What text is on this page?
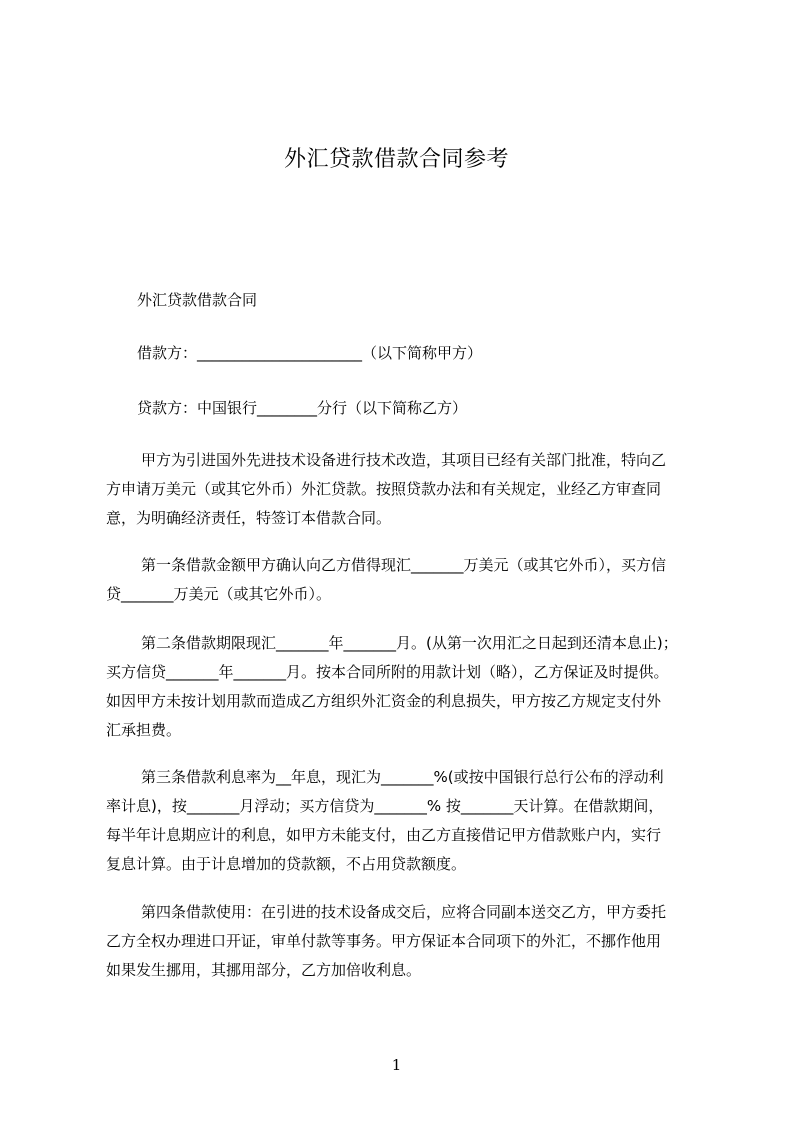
外汇贷款借款合同参考
外汇贷款借款合同
借款方：______________________（以下简称甲方）
贷款方：中国银行________分行（以下简称乙方）
甲方为引进国外先进技术设备进行技术改造，其项目已经有关部门批准，特向乙
方申请万美元（或其它外币）外汇贷款。按照贷款办法和有关规定，业经乙方审查同
意，为明确经济责任，特签订本借款合同。
第一条借款金额甲方确认向乙方借得现汇_______万美元（或其它外币），买方信
贷_______万美元（或其它外币）。
第二条借款期限现汇_______年_______月。(从第一次用汇之日起到还清本息止)；
买方信贷_______年_______月。按本合同所附的用款计划（略），乙方保证及时提供。
如因甲方未按计划用款而造成乙方组织外汇资金的利息损失，甲方按乙方规定支付外
汇承担费。
第三条借款利息率为__年息，现汇为_______%(或按中国银行总行公布的浮动利
率计息)，按_______月浮动；买方信贷为_______% 按_______天计算。在借款期间，
每半年计息期应计的利息，如甲方未能支付，由乙方直接借记甲方借款账户内，实行
复息计算。由于计息增加的贷款额，不占用贷款额度。
第四条借款使用：在引进的技术设备成交后，应将合同副本送交乙方，甲方委托
乙方全权办理进口开证，审单付款等事务。甲方保证本合同项下的外汇，不挪作他用
如果发生挪用，其挪用部分，乙方加倍收利息。
1
